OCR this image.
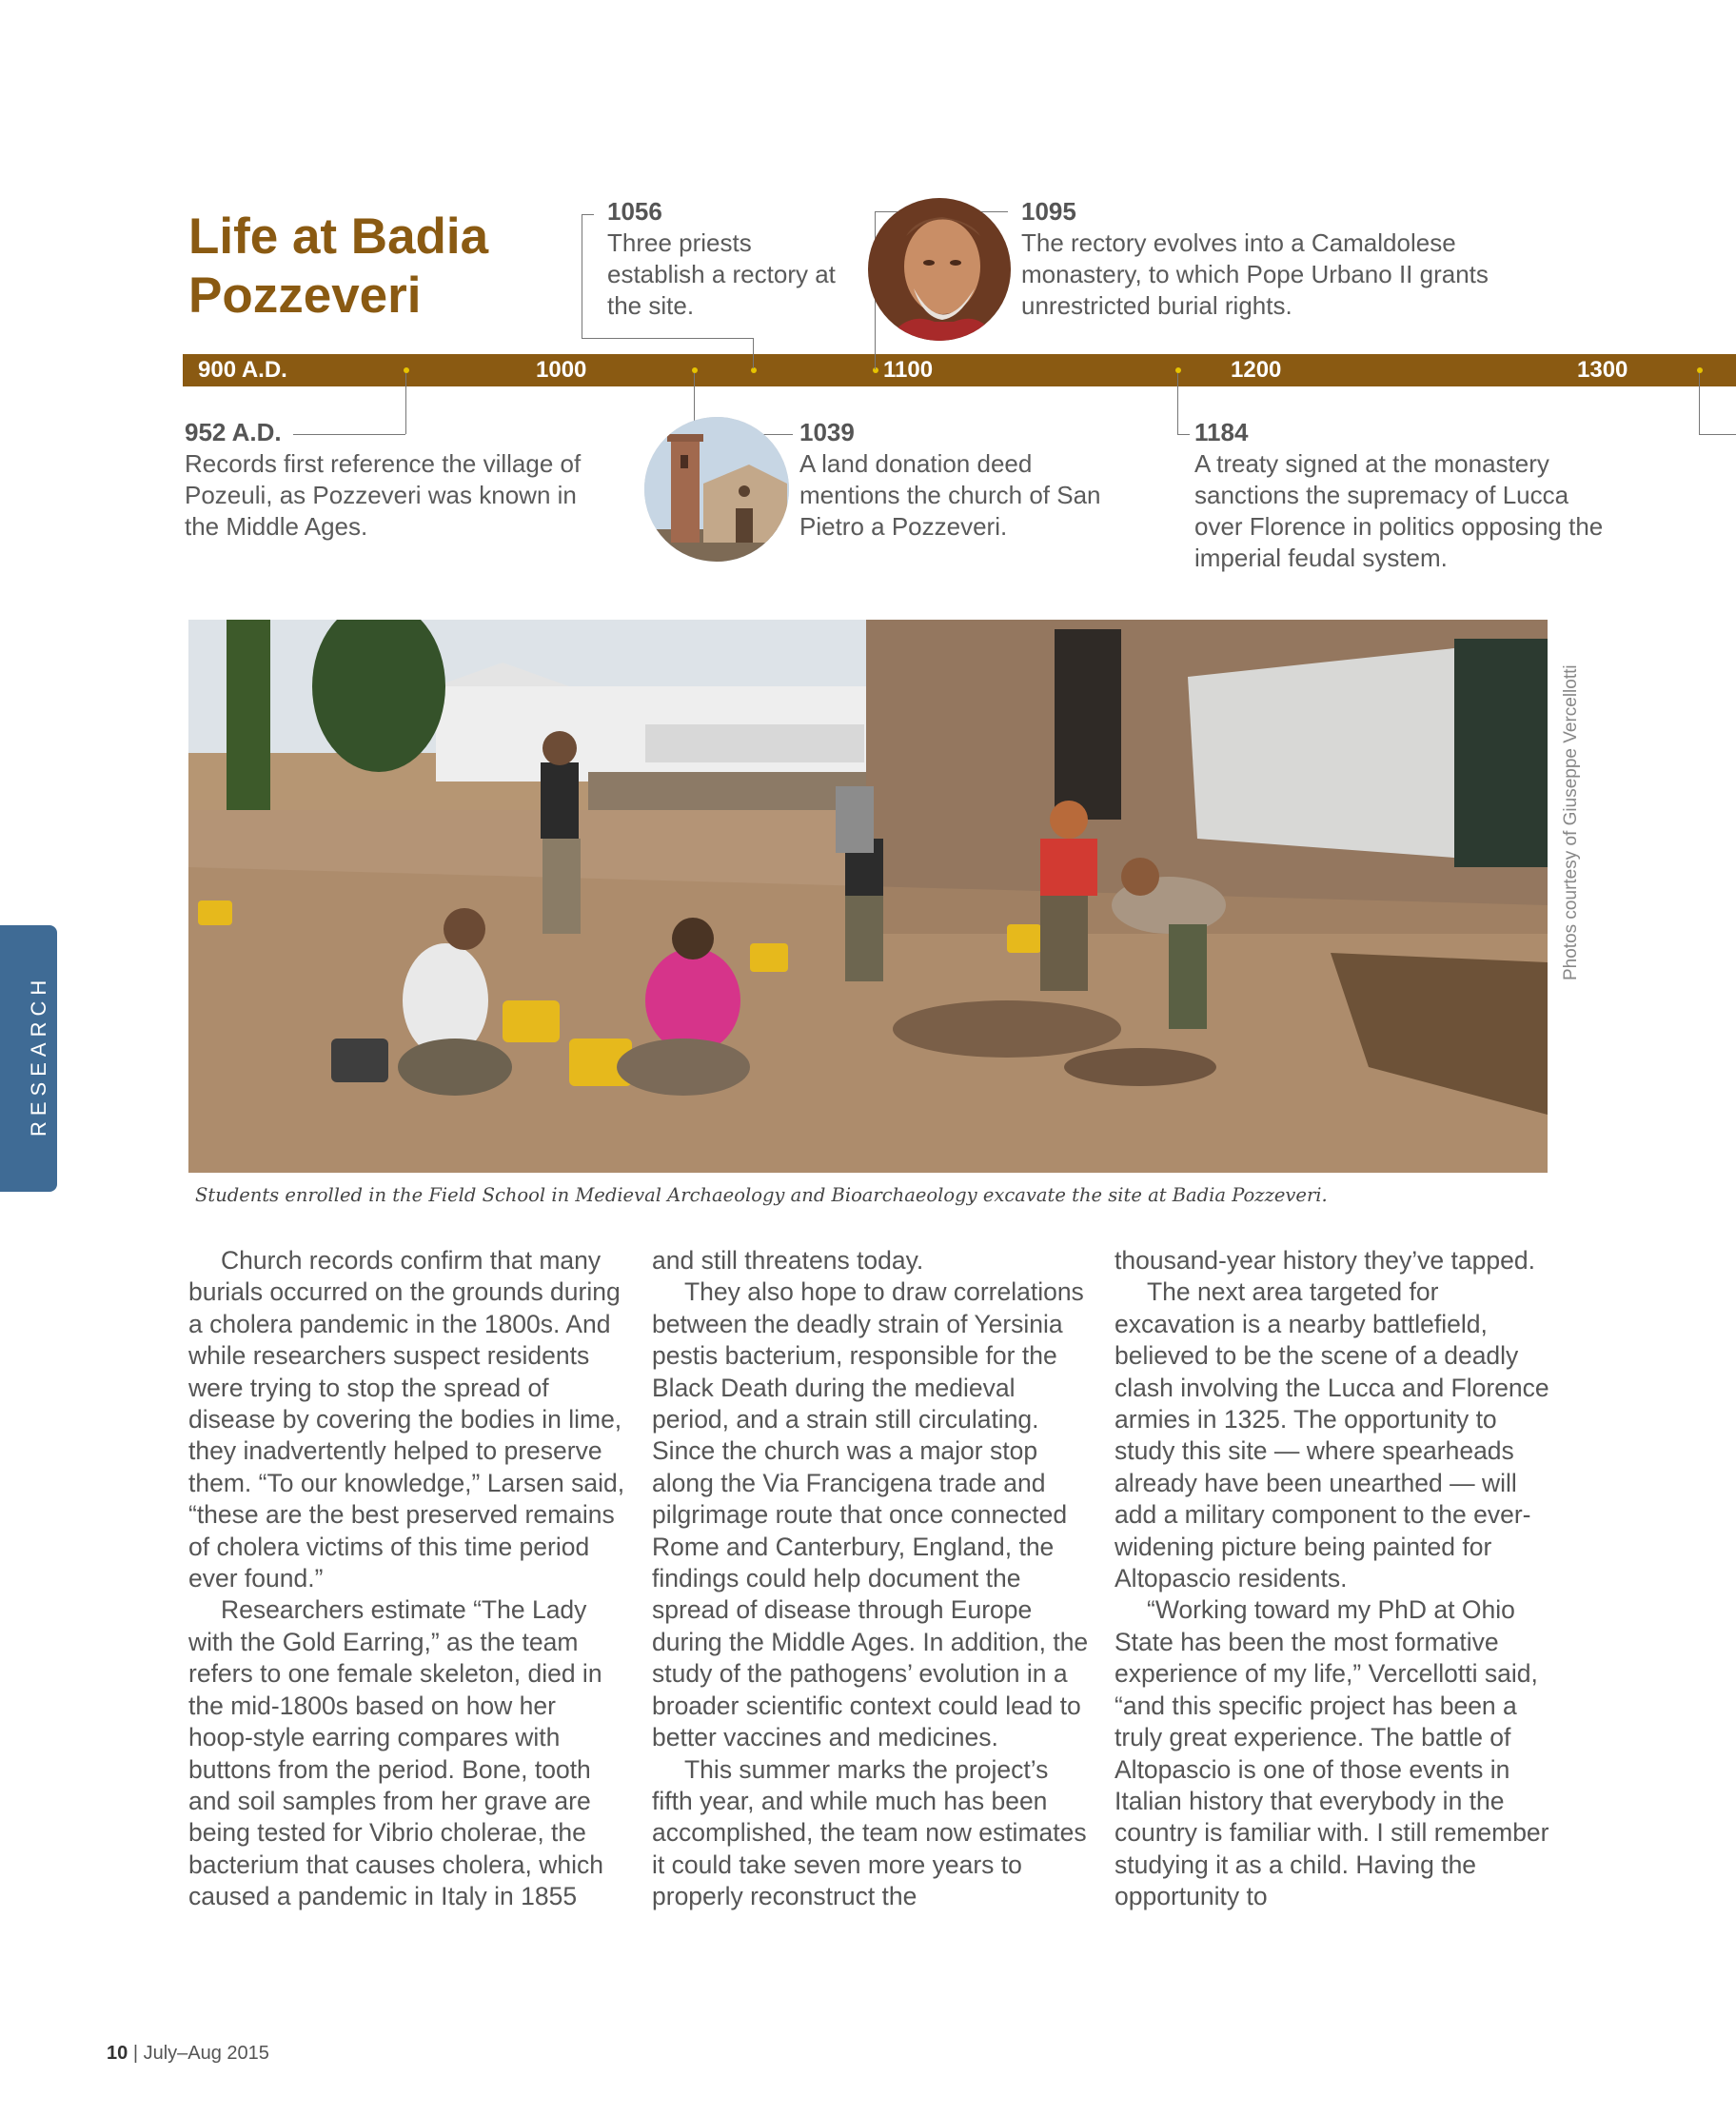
RESEARCH
Life at Badia Pozzeveri
900 A.D.	1000	1100	1200	1300
1056
Three priests establish a rectory at the site.
1095
The rectory evolves into a Camaldolese monastery, to which Pope Urbano II grants unrestricted burial rights.
952 A.D.
Records first reference the village of Pozeuli, as Pozzeveri was known in the Middle Ages.
1039
A land donation deed mentions the church of San Pietro a Pozzeveri.
1184
A treaty signed at the monastery sanctions the supremacy of Lucca over Florence in politics opposing the imperial feudal system.
Photos courtesy of Giuseppe Vercellotti
Students enrolled in the Field School in Medieval Archaeology and Bioarchaeology excavate the site at Badia Pozzeveri.

Church records confirm that many burials occurred on the grounds during a cholera pandemic in the 1800s. And while researchers suspect residents were trying to stop the spread of disease by covering the bodies in lime, they inadvertently helped to preserve them. “To our knowledge,” Larsen said, “these are the best preserved remains of cholera victims of this time period ever found.”

Researchers estimate “The Lady with the Gold Earring,” as the team refers to one female skeleton, died in the mid-1800s based on how her hoop-style earring compares with buttons from the period. Bone, tooth and soil samples from her grave are being tested for Vibrio cholerae, the bacterium that causes cholera, which caused a pandemic in Italy in 1855

and still threatens today.

They also hope to draw correlations between the deadly strain of Yersinia pestis bacterium, responsible for the Black Death during the medieval period, and a strain still circulating. Since the church was a major stop along the Via Francigena trade and pilgrimage route that once connected Rome and Canterbury, England, the findings could help document the spread of disease through Europe during the Middle Ages. In addition, the study of the pathogens’ evolution in a broader scientific context could lead to better vaccines and medicines.

This summer marks the project’s fifth year, and while much has been accomplished, the team now estimates it could take seven more years to properly reconstruct the

thousand-year history they’ve tapped.

The next area targeted for excavation is a nearby battlefield, believed to be the scene of a deadly clash involving the Lucca and Florence armies in 1325. The opportunity to study this site — where spearheads already have been unearthed — will add a military component to the ever-widening picture being painted for Altopascio residents.

“Working toward my PhD at Ohio State has been the most formative experience of my life,” Vercellotti said, “and this specific project has been a truly great experience. The battle of Altopascio is one of those events in Italian history that everybody in the country is familiar with. I still remember studying it as a child. Having the opportunity to

10 | July–Aug 2015
